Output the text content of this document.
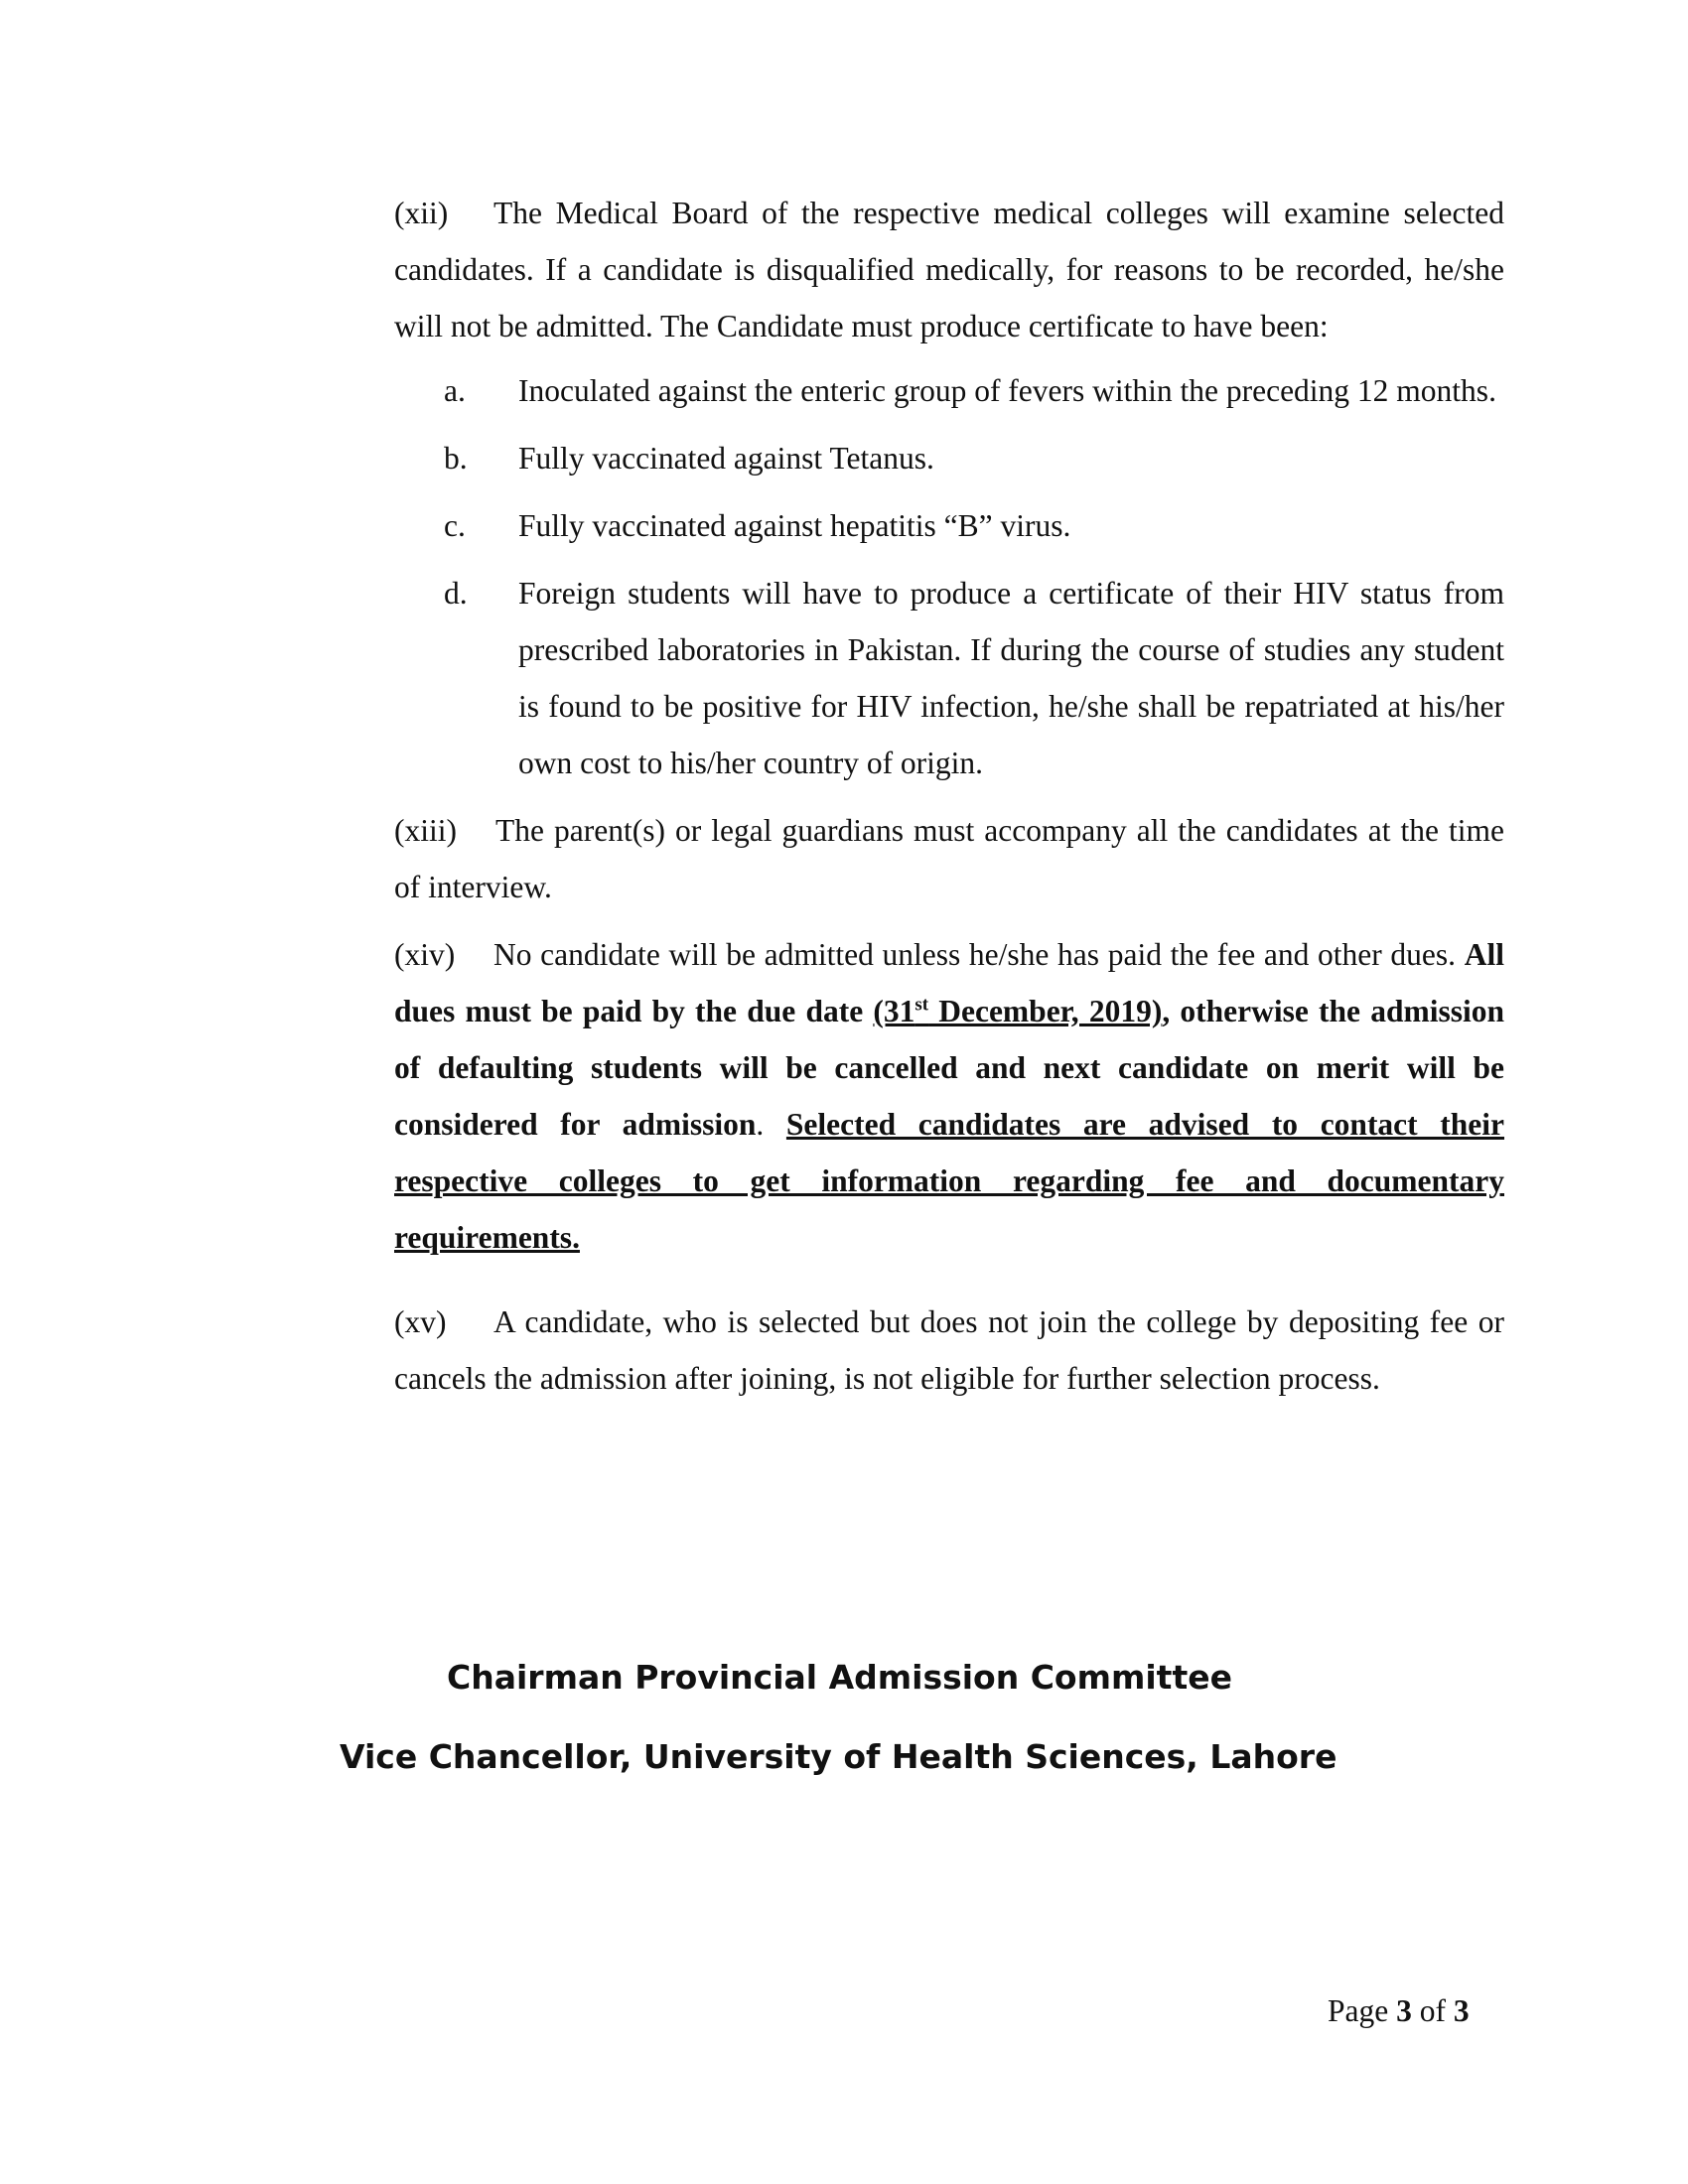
(xii) The Medical Board of the respective medical colleges will examine selected candidates. If a candidate is disqualified medically, for reasons to be recorded, he/she will not be admitted. The Candidate must produce certificate to have been:

a. Inoculated against the enteric group of fevers within the preceding 12 months.
b. Fully vaccinated against Tetanus.
c. Fully vaccinated against hepatitis “B” virus.
d. Foreign students will have to produce a certificate of their HIV status from prescribed laboratories in Pakistan. If during the course of studies any student is found to be positive for HIV infection, he/she shall be repatriated at his/her own cost to his/her country of origin.

(xiii) The parent(s) or legal guardians must accompany all the candidates at the time of interview.

(xiv) No candidate will be admitted unless he/she has paid the fee and other dues. All dues must be paid by the due date (31st December, 2019), otherwise the admission of defaulting students will be cancelled and next candidate on merit will be considered for admission. Selected candidates are advised to contact their respective colleges to get information regarding fee and documentary requirements.

(xv) A candidate, who is selected but does not join the college by depositing fee or cancels the admission after joining, is not eligible for further selection process.

Chairman Provincial Admission Committee
Vice Chancellor, University of Health Sciences, Lahore
Page 3 of 3
